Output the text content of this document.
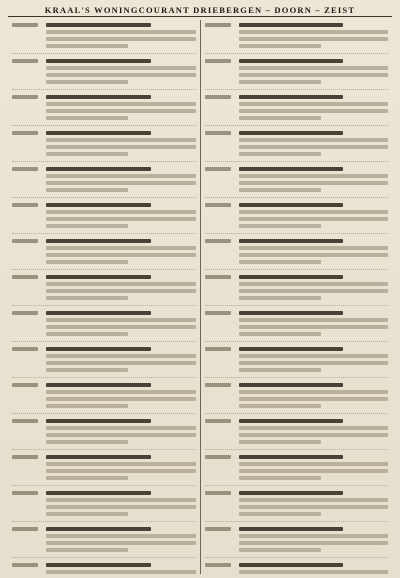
KRAAL'S WONINGCOURANT DRIEBERGEN – DOORN – ZEIST
